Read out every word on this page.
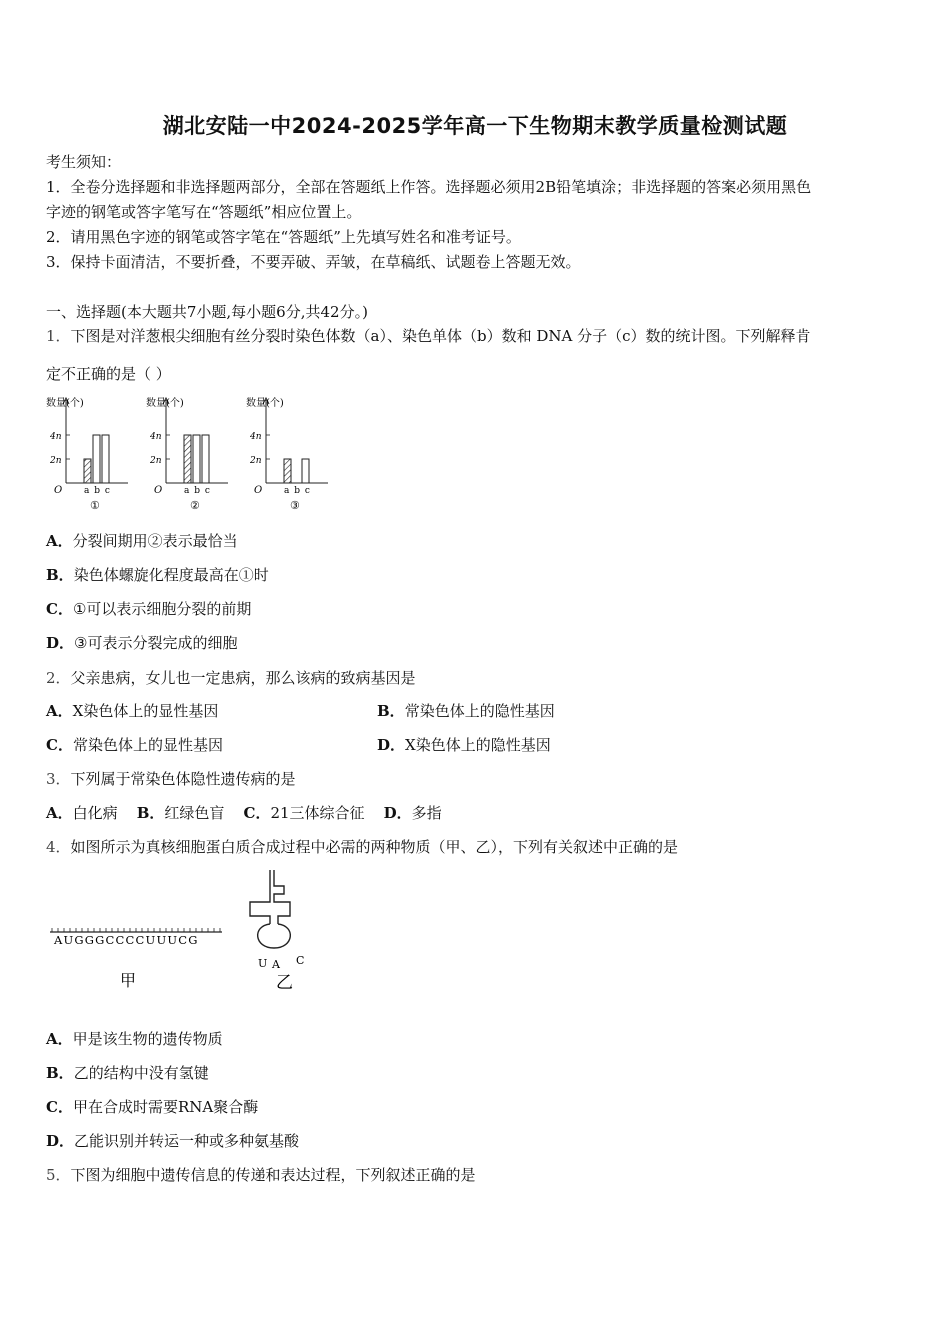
湖北安陆一中2024-2025学年高一下生物期末教学质量检测试题
考生须知：
1．全卷分选择题和非选择题两部分，全部在答题纸上作答。选择题必须用2B铅笔填涂；非选择题的答案必须用黑色
字迹的钢笔或答字笔写在“答题纸”相应位置上。
2．请用黑色字迹的钢笔或答字笔在“答题纸”上先填写姓名和准考证号。
3．保持卡面清洁，不要折叠，不要弄破、弄皱，在草稿纸、试题卷上答题无效。
一、选择题(本大题共7小题,每小题6分,共42分。)
1．下图是对洋葱根尖细胞有丝分裂时染色体数（a）、染色单体（b）数和 DNA 分子（c）数的统计图。下列解释肯
定不正确的是（ ）
数量(个)
4n
2n
O a b c
①
数量(个)
4n
2n
O a b c
②
数量(个)
4n
2n
O a b c
③
A．分裂间期用②表示最恰当
B．染色体螺旋化程度最高在①时
C．①可以表示细胞分裂的前期
D．③可表示分裂完成的细胞
2．父亲患病，女儿也一定患病，那么该病的致病基因是
A．X染色体上的显性基因	B．常染色体上的隐性基因
C．常染色体上的显性基因	D．X染色体上的隐性基因
3．下列属于常染色体隐性遗传病的是
A．白化病 B．红绿色盲 C．21三体综合征 D．多指
4．如图所示为真核细胞蛋白质合成过程中必需的两种物质（甲、乙），下列有关叙述中正确的是
AUGGGCCCCUUUCG
甲
U A C
乙
A．甲是该生物的遗传物质
B．乙的结构中没有氢键
C．甲在合成时需要RNA聚合酶
D．乙能识别并转运一种或多种氨基酸
5．下图为细胞中遗传信息的传递和表达过程，下列叙述正确的是
